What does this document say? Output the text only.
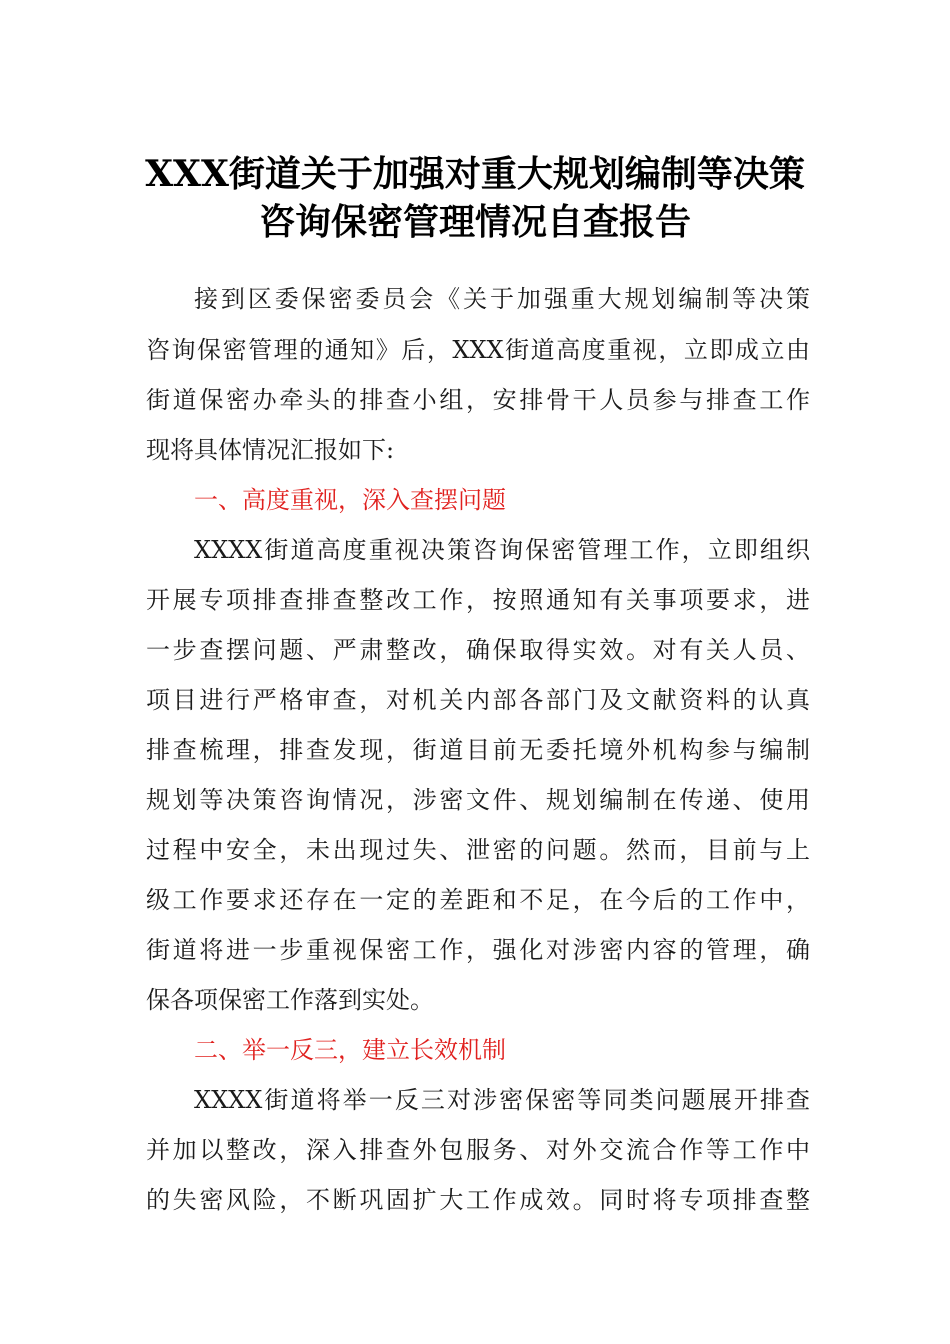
XXX街道关于加强对重大规划编制等决策
咨询保密管理情况自查报告
接到区委保密委员会《关于加强重大规划编制等决策
咨询保密管理的通知》后，XXX街道高度重视，立即成立由
街道保密办牵头的排查小组，安排骨干人员参与排查工作
现将具体情况汇报如下:
一、高度重视，深入查摆问题
XXXX街道高度重视决策咨询保密管理工作，立即组织
开展专项排查排查整改工作，按照通知有关事项要求，进
一步查摆问题、严肃整改，确保取得实效。对有关人员、
项目进行严格审查，对机关内部各部门及文献资料的认真
排查梳理，排查发现，街道目前无委托境外机构参与编制
规划等决策咨询情况，涉密文件、规划编制在传递、使用
过程中安全，未出现过失、泄密的问题。然而，目前与上
级工作要求还存在一定的差距和不足，在今后的工作中，
街道将进一步重视保密工作，强化对涉密内容的管理，确
保各项保密工作落到实处。
二、举一反三，建立长效机制
XXXX街道将举一反三对涉密保密等同类问题展开排查
并加以整改，深入排查外包服务、对外交流合作等工作中
的失密风险，不断巩固扩大工作成效。同时将专项排查整
